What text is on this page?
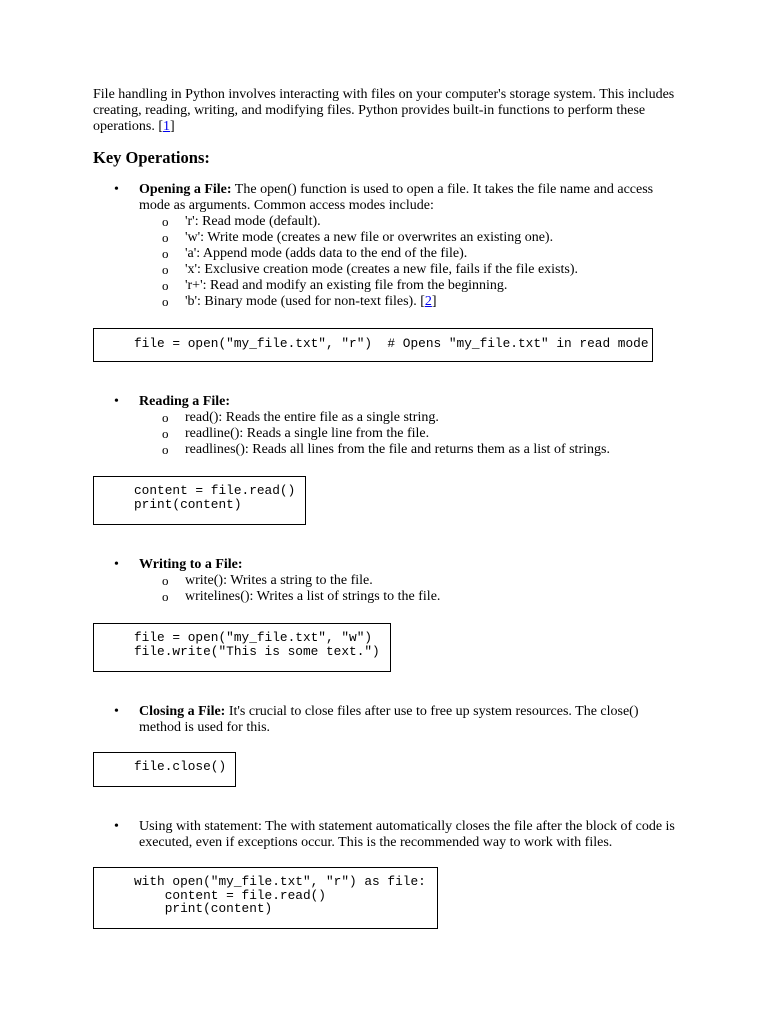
File handling in Python involves interacting with files on your computer's storage system. This includes creating, reading, writing, and modifying files. Python provides built-in functions to perform these operations. [1]

Key Operations:
• Opening a File: The open() function is used to open a file. It takes the file name and access mode as arguments. Common access modes include:
o 'r': Read mode (default).
o 'w': Write mode (creates a new file or overwrites an existing one).
o 'a': Append mode (adds data to the end of the file).
o 'x': Exclusive creation mode (creates a new file, fails if the file exists).
o 'r+': Read and modify an existing file from the beginning.
o 'b': Binary mode (used for non-text files). [2]
file = open("my_file.txt", "r")  # Opens "my_file.txt" in read mode
• Reading a File:
o read(): Reads the entire file as a single string.
o readline(): Reads a single line from the file.
o readlines(): Reads all lines from the file and returns them as a list of strings.
content = file.read()
print(content)
• Writing to a File:
o write(): Writes a string to the file.
o writelines(): Writes a list of strings to the file.
file = open("my_file.txt", "w")
file.write("This is some text.")
• Closing a File: It's crucial to close files after use to free up system resources. The close() method is used for this.
file.close()
• Using with statement: The with statement automatically closes the file after the block of code is executed, even if exceptions occur. This is the recommended way to work with files.
with open("my_file.txt", "r") as file:
content = file.read()
print(content)
